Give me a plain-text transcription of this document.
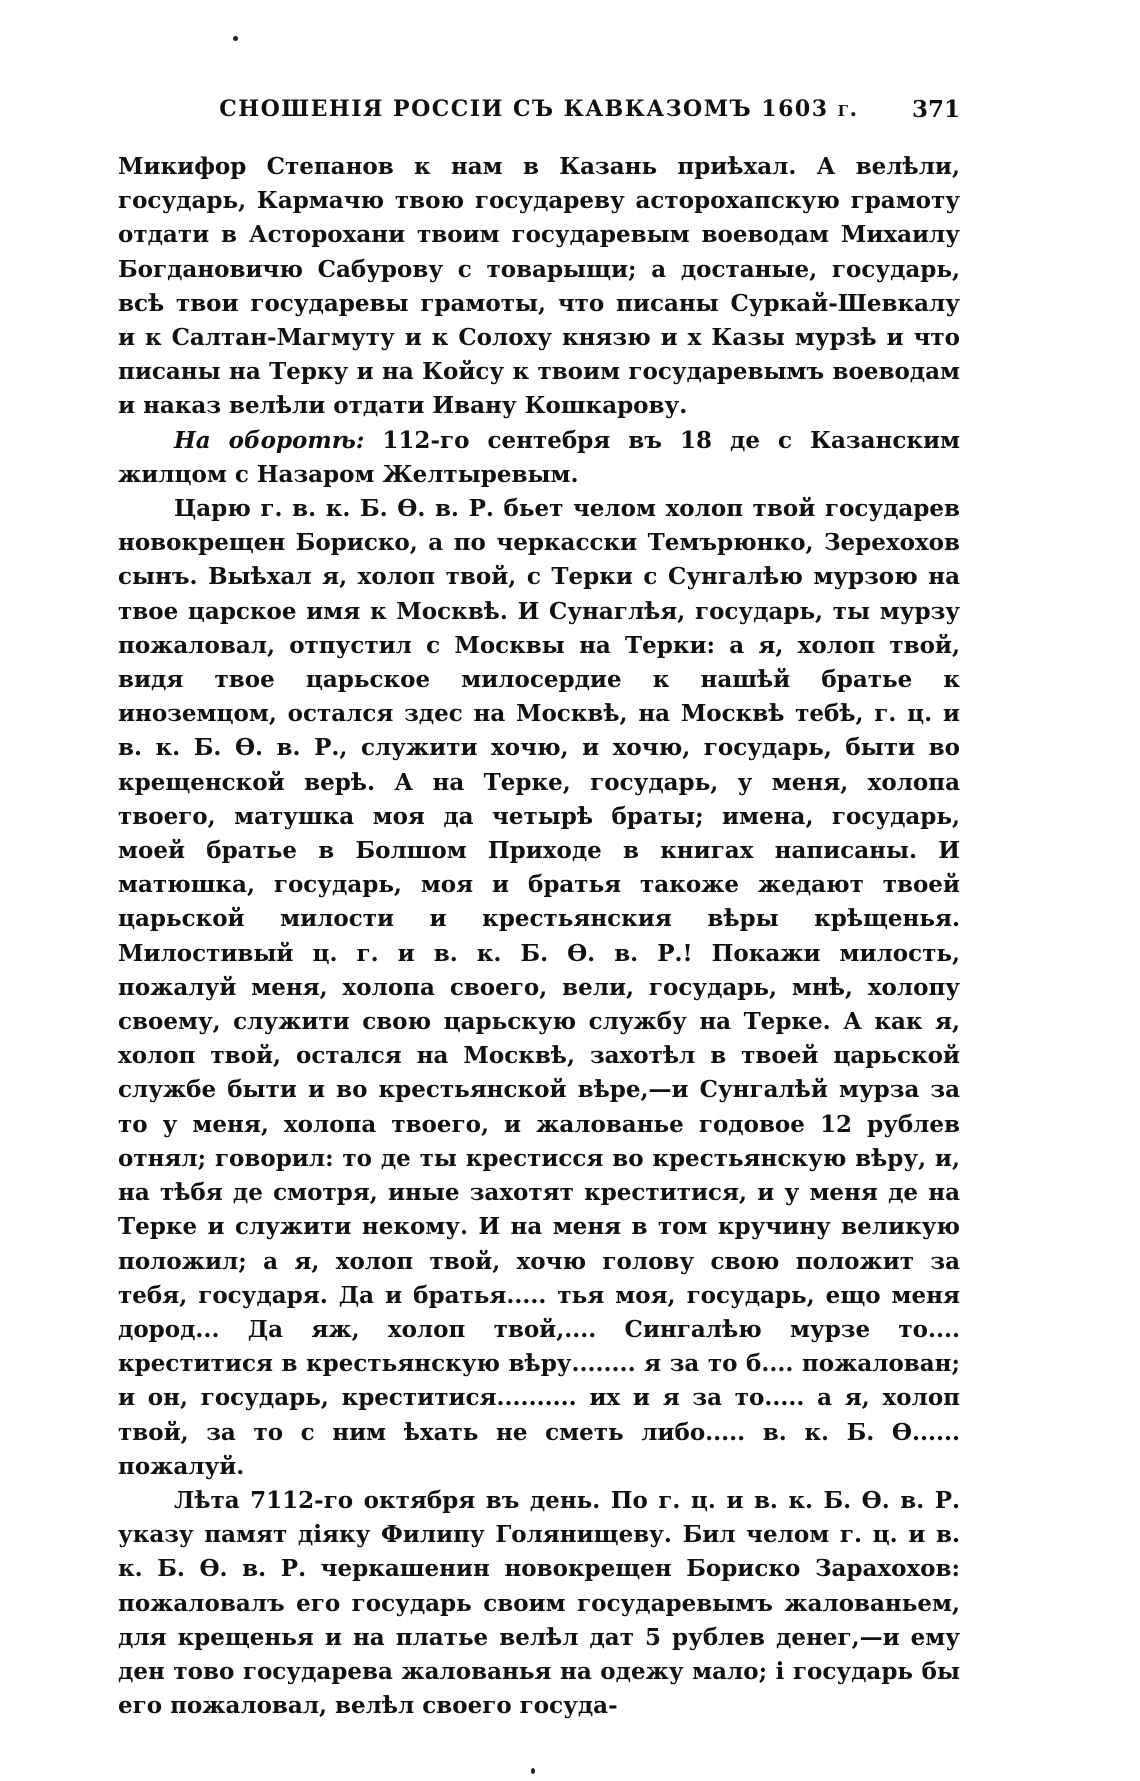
СНОШЕНІЯ РОССІИ СЪ КАВКАЗОМЪ 1603 г.	371

Микифор Степанов к нам в Казань приѣхал. А велѣли, государь, Кармачю твою государеву асторохапскую грамоту отдати в Асторохани твоим государевым воеводам Михаилу Богдановичю Сабурову с товарыщи; а достаные, государь, всѣ твои государевы грамоты, что писаны Суркай-Шевкалу и к Салтан-Магмуту и к Солоху князю и х Казы мурзѣ и что писаны на Терку и на Койсу к твоим государевымъ воеводам и наказ велѣли отдати Ивану Кошкарову.

На оборотѣ: 112-го сентебря въ 18 де с Казанским жилцом с Назаром Желтыревым.

Царю г. в. к. Б. Ѳ. в. Р. бьет челом холоп твой государев новокрещен Бориско, а по черкасски Темърюнко, Зерехохов сынъ. Выѣхал я, холоп твой, с Терки с Сунгалѣю мурзою на твое царское имя к Москвѣ. И Сунаглѣя, государь, ты мурзу пожаловал, отпустил с Москвы на Терки: а я, холоп твой, видя твое царьское милосердие к нашѣй братье к иноземцом, остался здес на Москвѣ, на Москвѣ тебѣ, г. ц. и в. к. Б. Ѳ. в. Р., служити хочю, и хочю, государь, быти во крещенской верѣ. А на Терке, государь, у меня, холопа твоего, матушка моя да четырѣ браты; имена, государь, моей братье в Болшом Приходе в книгах написаны. И матюшка, государь, моя и братья такоже жедают твоей царьской милости и крестьянския вѣры крѣщенья. Милостивый ц. г. и в. к. Б. Ѳ. в. Р.! Покажи милость, пожалуй меня, холопа своего, вели, государь, мнѣ, холопу своему, служити свою царьскую службу на Терке. А как я, холоп твой, остался на Москвѣ, захотѣл в твоей царьской службе быти и во крестьянской вѣре,—и Сунгалѣй мурза за то у меня, холопа твоего, и жалованье годовое 12 рублев отнял; говорил: то де ты крестисся во крестьянскую вѣру, и, на тѣбя де смотря, иные захотят креститися, и у меня де на Терке и служити некому. И на меня в том кручину великую положил; а я, холоп твой, хочю голову свою положит за тебя, государя. Да и братья..... тья моя, государь, ещо меня дород... Да яж, холоп твой,.... Сингалѣю мурзе то.... креститися в крестьянскую вѣру........ я за то б.... пожалован; и он, государь, креститися.......... их и я за то..... а я, холоп твой, за то с ним ѣхать не сметь либо..... в. к. Б. Ѳ...... пожалуй.

Лѣта 7112-го октября въ день. По г. ц. и в. к. Б. Ѳ. в. Р. указу памят дiяку Филипу Голянищеву. Бил челом г. ц. и в. к. Б. Ѳ. в. Р. черкашенин новокрещен Бориско Зарахохов: пожаловалъ его государь своим государевымъ жалованьем, для крещенья и на платье велѣл дат 5 рублев денег,—и ему ден тово государева жалованья на одежу мало; і государь бы его пожаловал, велѣл своего госуда-
